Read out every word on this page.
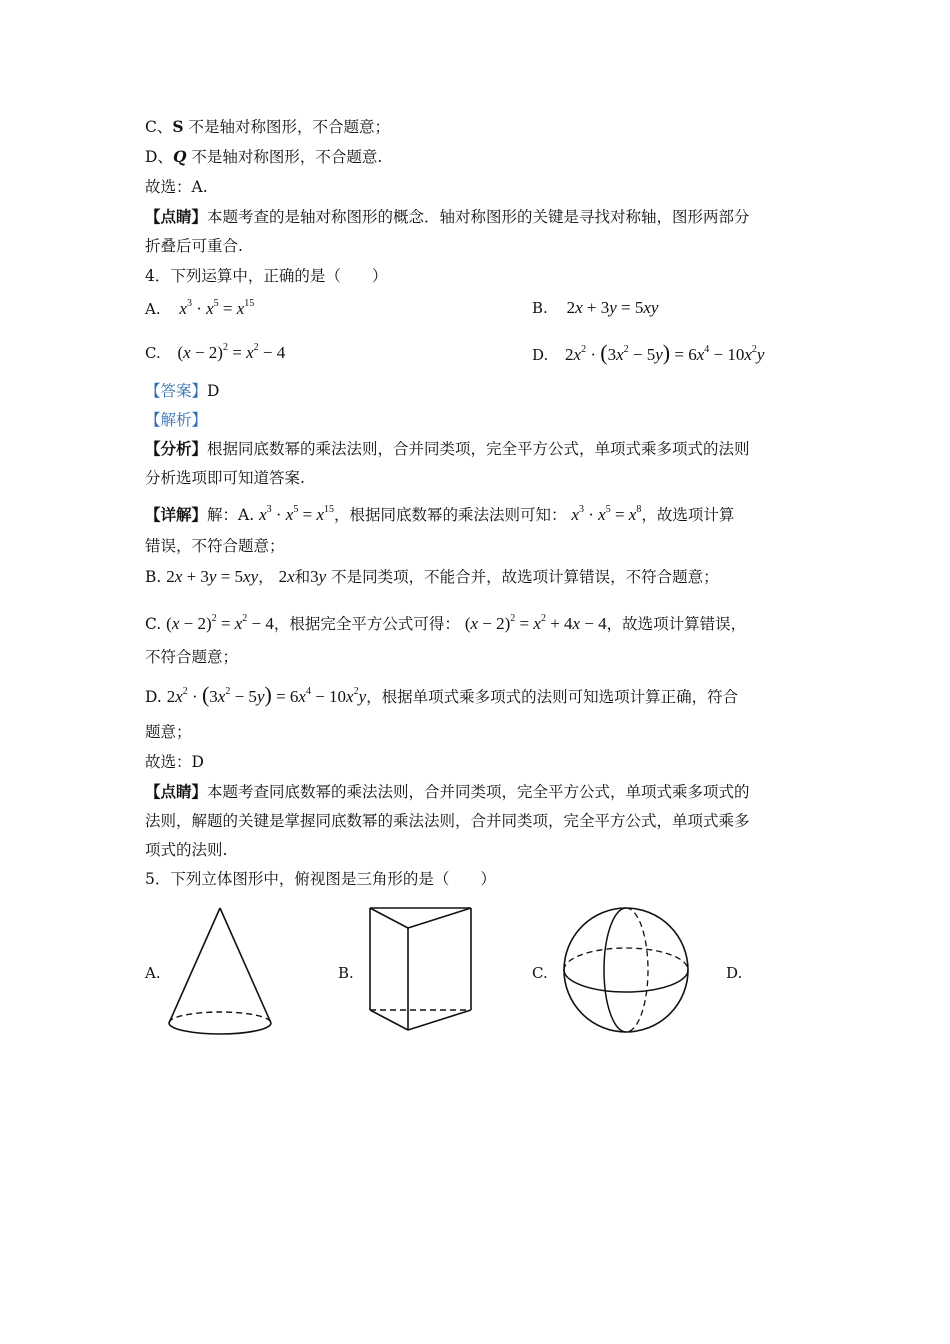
C、S 不是轴对称图形，不合题意；
D、Q 不是轴对称图形，不合题意.
故选：A.
【点睛】本题考查的是轴对称图形的概念．轴对称图形的关键是寻找对称轴，图形两部分
折叠后可重合.
4．下列运算中，正确的是（　　）
A. $x^3 \cdot x^5 = x^{15}$	B. 2x + 3y = 5xy
C. $(x - 2)^2 = x^2 - 4$	D. $2x^2 \cdot (3x^2 - 5y) = 6x^4 - 10x^2y$
【答案】D
【解析】
【分析】根据同底数幂的乘法法则，合并同类项，完全平方公式，单项式乘多项式的法则
分析选项即可知道答案.
【详解】解：A. $x^3 \cdot x^5 = x^{15}$，根据同底数幂的乘法法则可知： $x^3 \cdot x^5 = x^8$，故选项计算
错误，不符合题意；
B. 2x + 3y = 5xy， 2x和3y 不是同类项，不能合并，故选项计算错误，不符合题意；
C. $(x - 2)^2 = x^2 - 4$，根据完全平方公式可得： $(x - 2)^2 = x^2 + 4x - 4$，故选项计算错误，
不符合题意；
D. $2x^2 \cdot (3x^2 - 5y) = 6x^4 - 10x^2y$，根据单项式乘多项式的法则可知选项计算正确，符合
题意；
故选：D
【点睛】本题考查同底数幂的乘法法则，合并同类项，完全平方公式，单项式乘多项式的
法则，解题的关键是掌握同底数幂的乘法法则，合并同类项，完全平方公式，单项式乘多
项式的法则.
5．下列立体图形中，俯视图是三角形的是（　　）
A.	B.	C.	D.
